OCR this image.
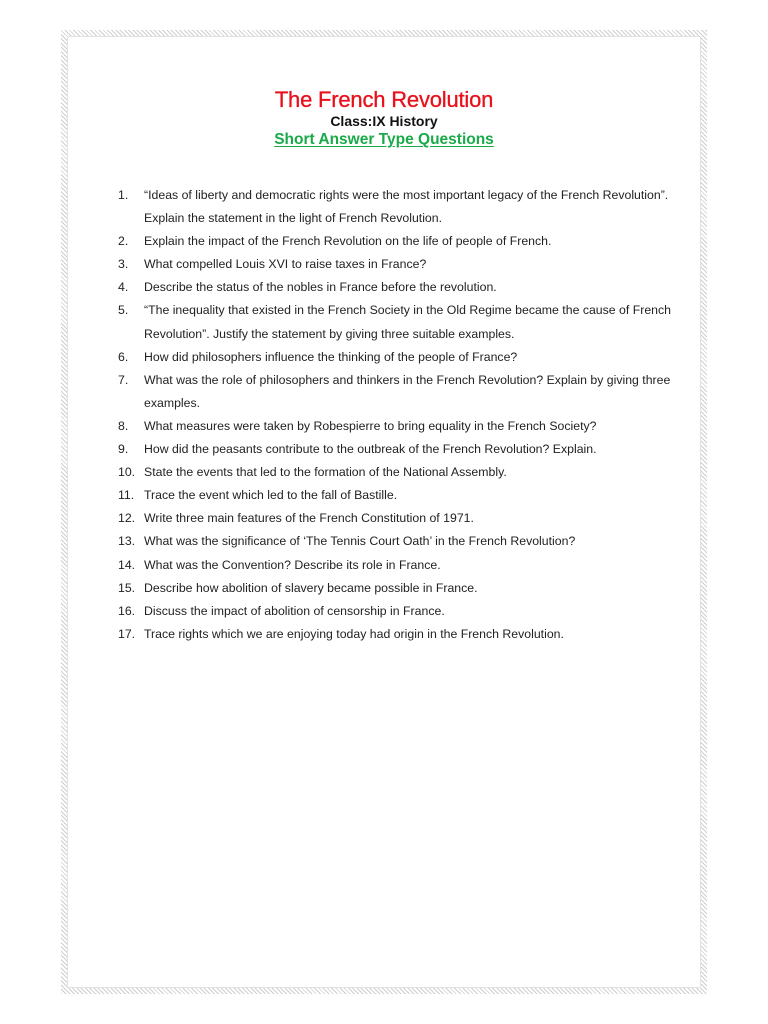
The French Revolution
Class:IX History
Short Answer Type Questions
1.	“Ideas of liberty and democratic rights were the most important legacy of the French Revolution”. Explain the statement in the light of French Revolution.
2.	Explain the impact of the French Revolution on the life of people of French.
3.	What compelled Louis XVI to raise taxes in France?
4.	Describe the status of the nobles in France before the revolution.
5.	“The inequality that existed in the French Society in the Old Regime became the cause of French Revolution”. Justify the statement by giving three suitable examples.
6.	How did philosophers influence the thinking of the people of France?
7.	What was the role of philosophers and thinkers in the French Revolution? Explain by giving three examples.
8.	What measures were taken by Robespierre to bring equality in the French Society?
9.	How did the peasants contribute to the outbreak of the French Revolution? Explain.
10. State the events that led to the formation of the National Assembly.
11. Trace the event which led to the fall of Bastille.
12. Write three main features of the French Constitution of 1971.
13. What was the significance of ‘The Tennis Court Oath’ in the French Revolution?
14. What was the Convention? Describe its role in France.
15. Describe how abolition of slavery became possible in France.
16. Discuss the impact of abolition of censorship in France.
17. Trace rights which we are enjoying today had origin in the French Revolution.
